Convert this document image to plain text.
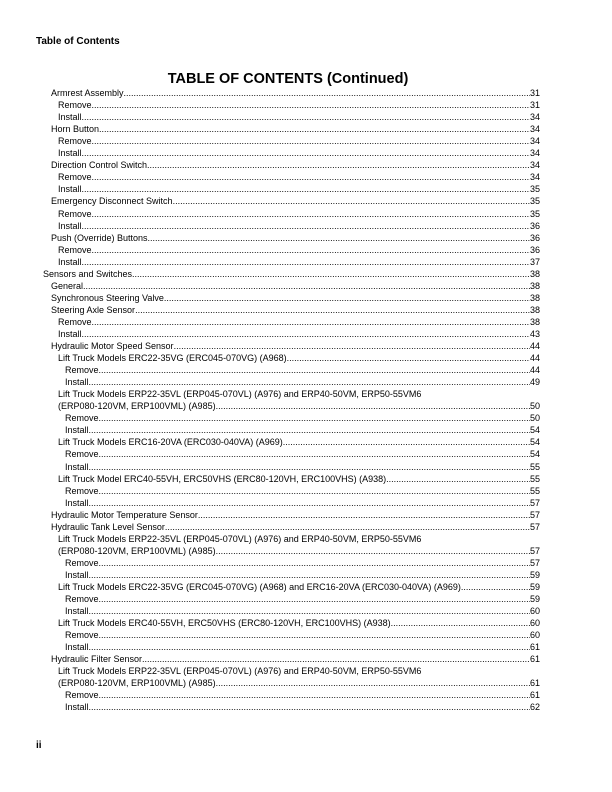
Table of Contents
TABLE OF CONTENTS (Continued)
Armrest Assembly .....	31
Remove .....	31
Install .....	34
Horn Button .....	34
Remove .....	34
Install .....	34
Direction Control Switch .....	34
Remove .....	34
Install .....	35
Emergency Disconnect Switch .....	35
Remove .....	35
Install .....	36
Push (Override) Buttons .....	36
Remove .....	36
Install .....	37
Sensors and Switches .....	38
General .....	38
Synchronous Steering Valve .....	38
Steering Axle Sensor .....	38
Remove .....	38
Install .....	43
Hydraulic Motor Speed Sensor .....	44
Lift Truck Models ERC22-35VG (ERC045-070VG) (A968) .....	44
Remove .....	44
Install .....	49
Lift Truck Models ERP22-35VL (ERP045-070VL) (A976) and ERP40-50VM, ERP50-55VM6
(ERP080-120VM, ERP100VML) (A985) .....	50
Remove .....	50
Install .....	54
Lift Truck Models ERC16-20VA (ERC030-040VA) (A969) .....	54
Remove .....	54
Install .....	55
Lift Truck Model ERC40-55VH, ERC50VHS (ERC80-120VH, ERC100VHS) (A938) .....	55
Remove .....	55
Install .....	57
Hydraulic Motor Temperature Sensor .....	57
Hydraulic Tank Level Sensor .....	57
Lift Truck Models ERP22-35VL (ERP045-070VL) (A976) and ERP40-50VM, ERP50-55VM6
(ERP080-120VM, ERP100VML) (A985) .....	57
Remove .....	57
Install .....	59
Lift Truck Models ERC22-35VG (ERC045-070VG) (A968) and ERC16-20VA (ERC030-040VA) (A969) .....	59
Remove .....	59
Install .....	60
Lift Truck Models ERC40-55VH, ERC50VHS (ERC80-120VH, ERC100VHS) (A938) .....	60
Remove .....	60
Install .....	61
Hydraulic Filter Sensor .....	61
Lift Truck Models ERP22-35VL (ERP045-070VL) (A976) and ERP40-50VM, ERP50-55VM6
(ERP080-120VM, ERP100VML) (A985) .....	61
Remove .....	61
Install .....	62
ii
